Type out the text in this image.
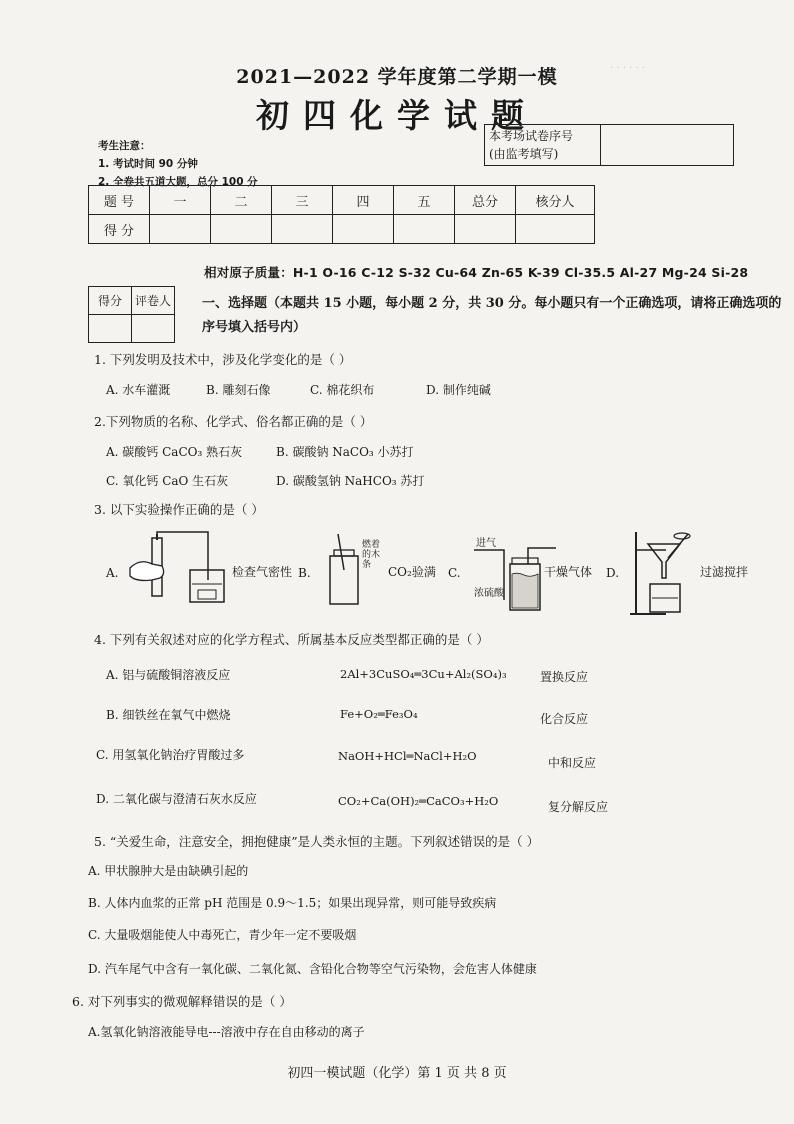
. . . . . .
2021—2022 学年度第二学期一模
初四化学试题
本考场试卷序号
(由监考填写)
考生注意：
1. 考试时间 90 分钟
2. 全卷共五道大题，总分 100 分
题 号	一	二	三	四	五	总分	核分人
得 分							
相对原子质量：H-1 O-16 C-12 S-32 Cu-64 Zn-65 K-39 Cl-35.5 Al-27 Mg-24 Si-28
得分	评卷人
	一、选择题（本题共 15 小题，每小题 2 分，共 30 分。每小题只有一个正确选项，请将正确选项的序号填入括号内）
1. 下列发明及技术中，涉及化学变化的是（ ）
A. 水车灌溉	B. 雕刻石像	C. 棉花织布	D. 制作纯碱
2.下列物质的名称、化学式、俗名都正确的是（ ）
A. 碳酸钙 CaCO₃ 熟石灰	B. 碳酸钠 NaCO₃ 小苏打
C. 氧化钙 CaO 生石灰	D. 碳酸氢钠 NaHCO₃ 苏打
3. 以下实验操作正确的是（ ）
A.	检查气密性 B.
燃着的木条	CO₂验满 C.
进气
浓硫酸
干燥气体 D.	过滤搅拌
4. 下列有关叙述对应的化学方程式、所属基本反应类型都正确的是（ ）
A. 铝与硫酸铜溶液反应	2Al+3CuSO₄═3Cu+Al₂(SO₄)₃	置换反应
B. 细铁丝在氧气中燃烧	Fe+O₂═Fe₃O₄	化合反应
C. 用氢氧化钠治疗胃酸过多	NaOH+HCl═NaCl+H₂O	中和反应
D. 二氧化碳与澄清石灰水反应	CO₂+Ca(OH)₂═CaCO₃+H₂O	复分解反应
5. “关爱生命，注意安全，拥抱健康”是人类永恒的主题。下列叙述错误的是（ ）
A. 甲状腺肿大是由缺碘引起的
B. 人体内血浆的正常 pH 范围是 0.9～1.5；如果出现异常，则可能导致疾病
C. 大量吸烟能使人中毒死亡，青少年一定不要吸烟
D. 汽车尾气中含有一氧化碳、二氧化氮、含铅化合物等空气污染物，会危害人体健康
6. 对下列事实的微观解释错误的是（ ）
A.氢氧化钠溶液能导电---溶液中存在自由移动的离子
初四一模试题（化学）第 1 页 共 8 页
